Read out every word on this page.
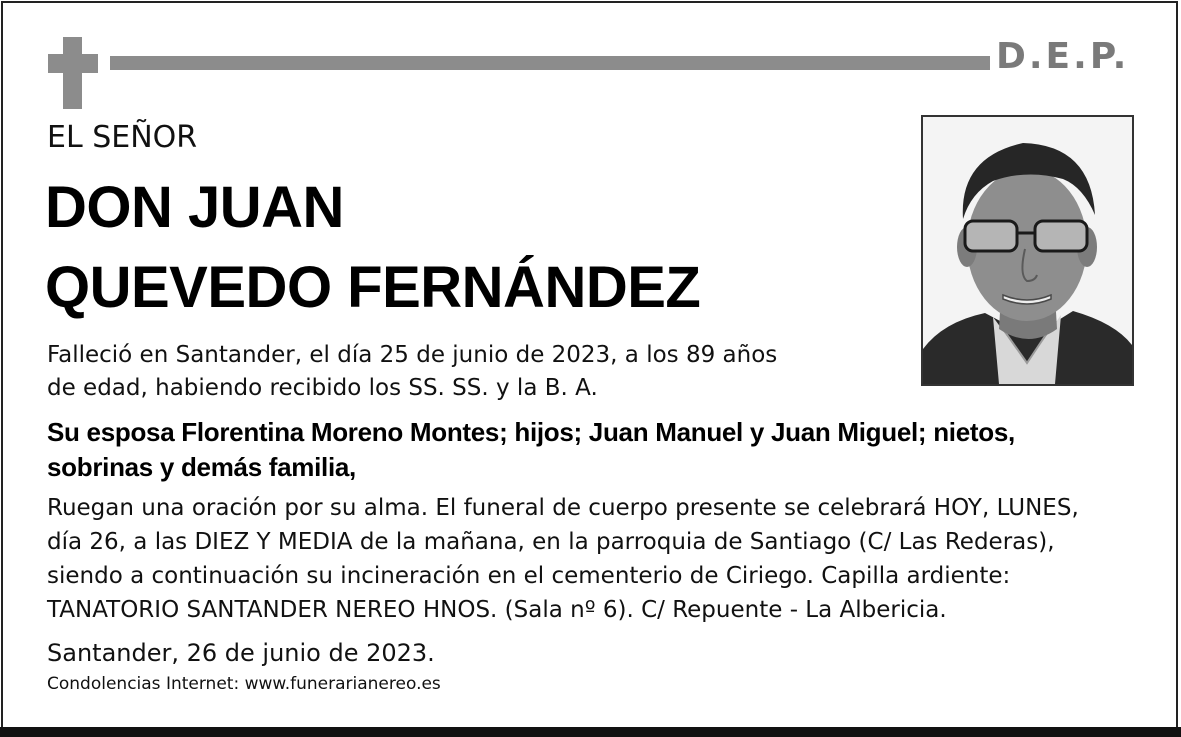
D.E.P.
EL SEÑOR
DON JUAN
QUEVEDO FERNÁNDEZ
Falleció en Santander, el día 25 de junio de 2023, a los 89 años
de edad, habiendo recibido los SS. SS. y la B. A.
Su esposa Florentina Moreno Montes; hijos; Juan Manuel y Juan Miguel; nietos,
sobrinas y demás familia,
Ruegan una oración por su alma. El funeral de cuerpo presente se celebrará HOY, LUNES,
día 26, a las DIEZ Y MEDIA de la mañana, en la parroquia de Santiago (C/ Las Rederas),
siendo a continuación su incineración en el cementerio de Ciriego. Capilla ardiente:
TANATORIO SANTANDER NEREO HNOS. (Sala nº 6). C/ Repuente - La Albericia.
Santander, 26 de junio de 2023.
Condolencias Internet: www.funerarianereo.es
